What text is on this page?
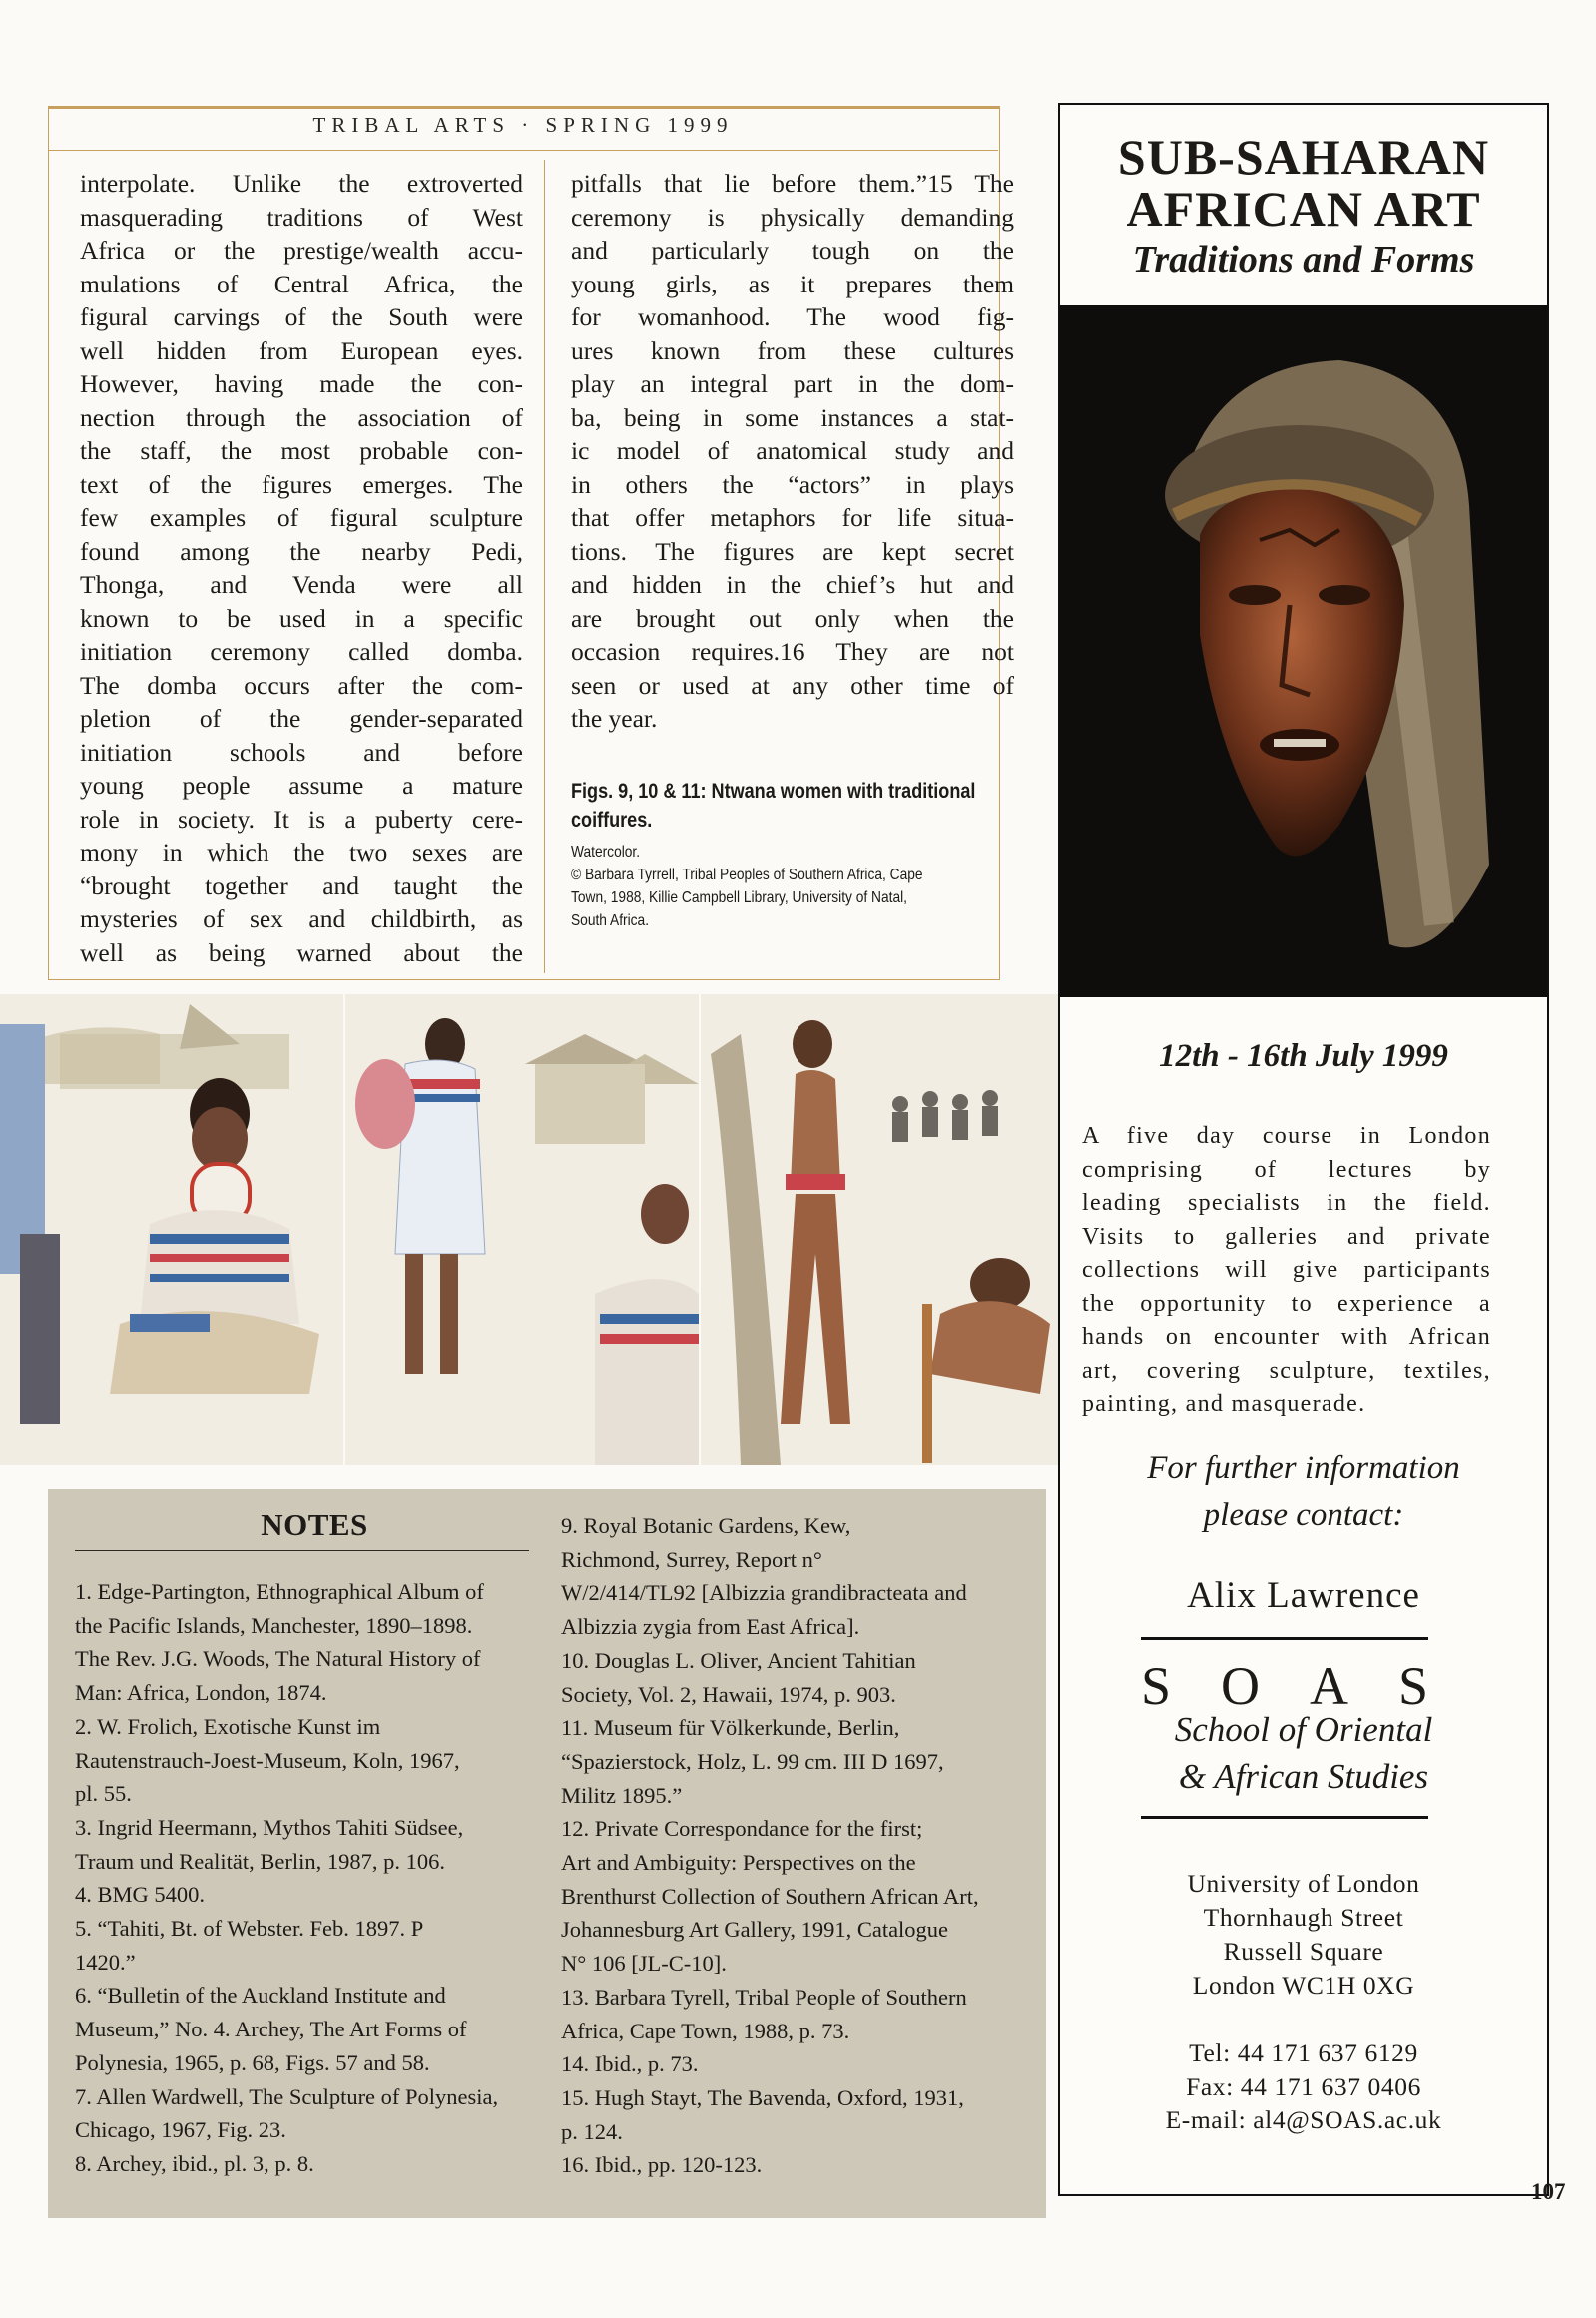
TRIBAL ARTS · SPRING 1999
interpolate. Unlike the extroverted
masquerading traditions of West
Africa or the prestige/wealth accu-
mulations of Central Africa, the
figural carvings of the South were
well hidden from European eyes.
However, having made the con-
nection through the association of
the staff, the most probable con-
text of the figures emerges. The
few examples of figural sculpture
found among the nearby Pedi,
Thonga, and Venda were all
known to be used in a specific
initiation ceremony called domba.
The domba occurs after the com-
pletion of the gender-separated
initiation schools and before
young people assume a mature
role in society. It is a puberty cere-
mony in which the two sexes are
“brought together and taught the
mysteries of sex and childbirth, as
well as being warned about the
pitfalls that lie before them.”15 The
ceremony is physically demanding
and particularly tough on the
young girls, as it prepares them
for womanhood. The wood fig-
ures known from these cultures
play an integral part in the dom-
ba, being in some instances a stat-
ic model of anatomical study and
in others the “actors” in plays
that offer metaphors for life situa-
tions. The figures are kept secret
and hidden in the chief’s hut and
are brought out only when the
occasion requires.16 They are not
seen or used at any other time of
the year.
Figs. 9, 10 & 11: Ntwana women with traditional
coiffures.
Watercolor.
© Barbara Tyrrell, Tribal Peoples of Southern Africa, Cape
Town, 1988, Killie Campbell Library, University of Natal,
South Africa.
NOTES
1. Edge-Partington, Ethnographical Album of
the Pacific Islands, Manchester, 1890–1898.
The Rev. J.G. Woods, The Natural History of
Man: Africa, London, 1874.
2. W. Frolich, Exotische Kunst im
Rautenstrauch-Joest-Museum, Koln, 1967,
pl. 55.
3. Ingrid Heermann, Mythos Tahiti Südsee,
Traum und Realität, Berlin, 1987, p. 106.
4. BMG 5400.
5. “Tahiti, Bt. of Webster. Feb. 1897. P
1420.”
6. “Bulletin of the Auckland Institute and
Museum,” No. 4. Archey, The Art Forms of
Polynesia, 1965, p. 68, Figs. 57 and 58.
7. Allen Wardwell, The Sculpture of Polynesia,
Chicago, 1967, Fig. 23.
8. Archey, ibid., pl. 3, p. 8.
9. Royal Botanic Gardens, Kew,
Richmond, Surrey, Report n°
W/2/414/TL92 [Albizzia grandibracteata and
Albizzia zygia from East Africa].
10. Douglas L. Oliver, Ancient Tahitian
Society, Vol. 2, Hawaii, 1974, p. 903.
11. Museum für Völkerkunde, Berlin,
“Spazierstock, Holz, L. 99 cm. III D 1697,
Militz 1895.”
12. Private Correspondance for the first;
Art and Ambiguity: Perspectives on the
Brenthurst Collection of Southern African Art,
Johannesburg Art Gallery, 1991, Catalogue
N° 106 [JL-C-10].
13. Barbara Tyrell, Tribal People of Southern
Africa, Cape Town, 1988, p. 73.
14. Ibid., p. 73.
15. Hugh Stayt, The Bavenda, Oxford, 1931,
p. 124.
16. Ibid., pp. 120-123.
SUB-SAHARAN
AFRICAN ART
Traditions and Forms
12th - 16th July 1999
A five day course in London
comprising of lectures by
leading specialists in the field.
Visits to galleries and private
collections will give participants
the opportunity to experience a
hands on encounter with African
art, covering sculpture, textiles,
painting, and masquerade.
For further information
please contact:
Alix Lawrence
S O A S
School of Oriental
& African Studies
University of London
Thornhaugh Street
Russell Square
London WC1H 0XG
Tel: 44 171 637 6129
Fax: 44 171 637 0406
E-mail: al4@SOAS.ac.uk
107
